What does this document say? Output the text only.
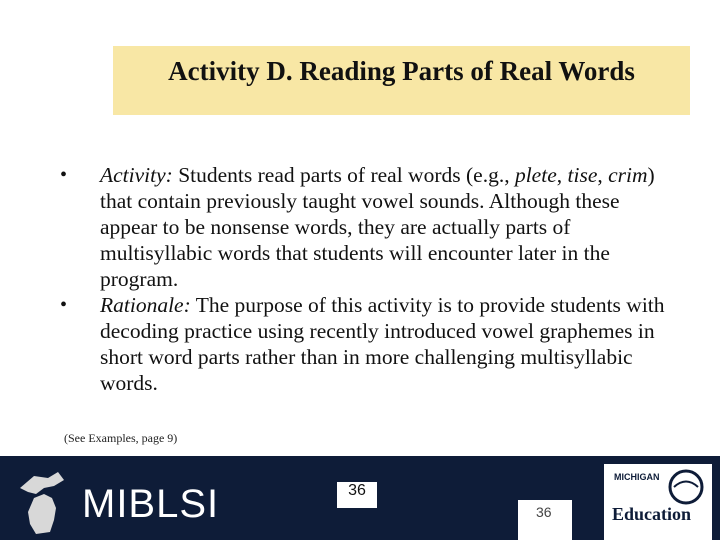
Activity D. Reading Parts of Real Words
• Activity: Students read parts of real words (e.g., plete, tise, crim) that contain previously taught vowel sounds. Although these appear to be nonsense words, they are actually parts of multisyllabic words that students will encounter later in the program.
• Rationale: The purpose of this activity is to provide students with decoding practice using recently introduced vowel graphemes in short word parts rather than in more challenging multisyllabic words.
(See Examples, page 9)
MIBLSI	36
36
MICHIGAN
Education
